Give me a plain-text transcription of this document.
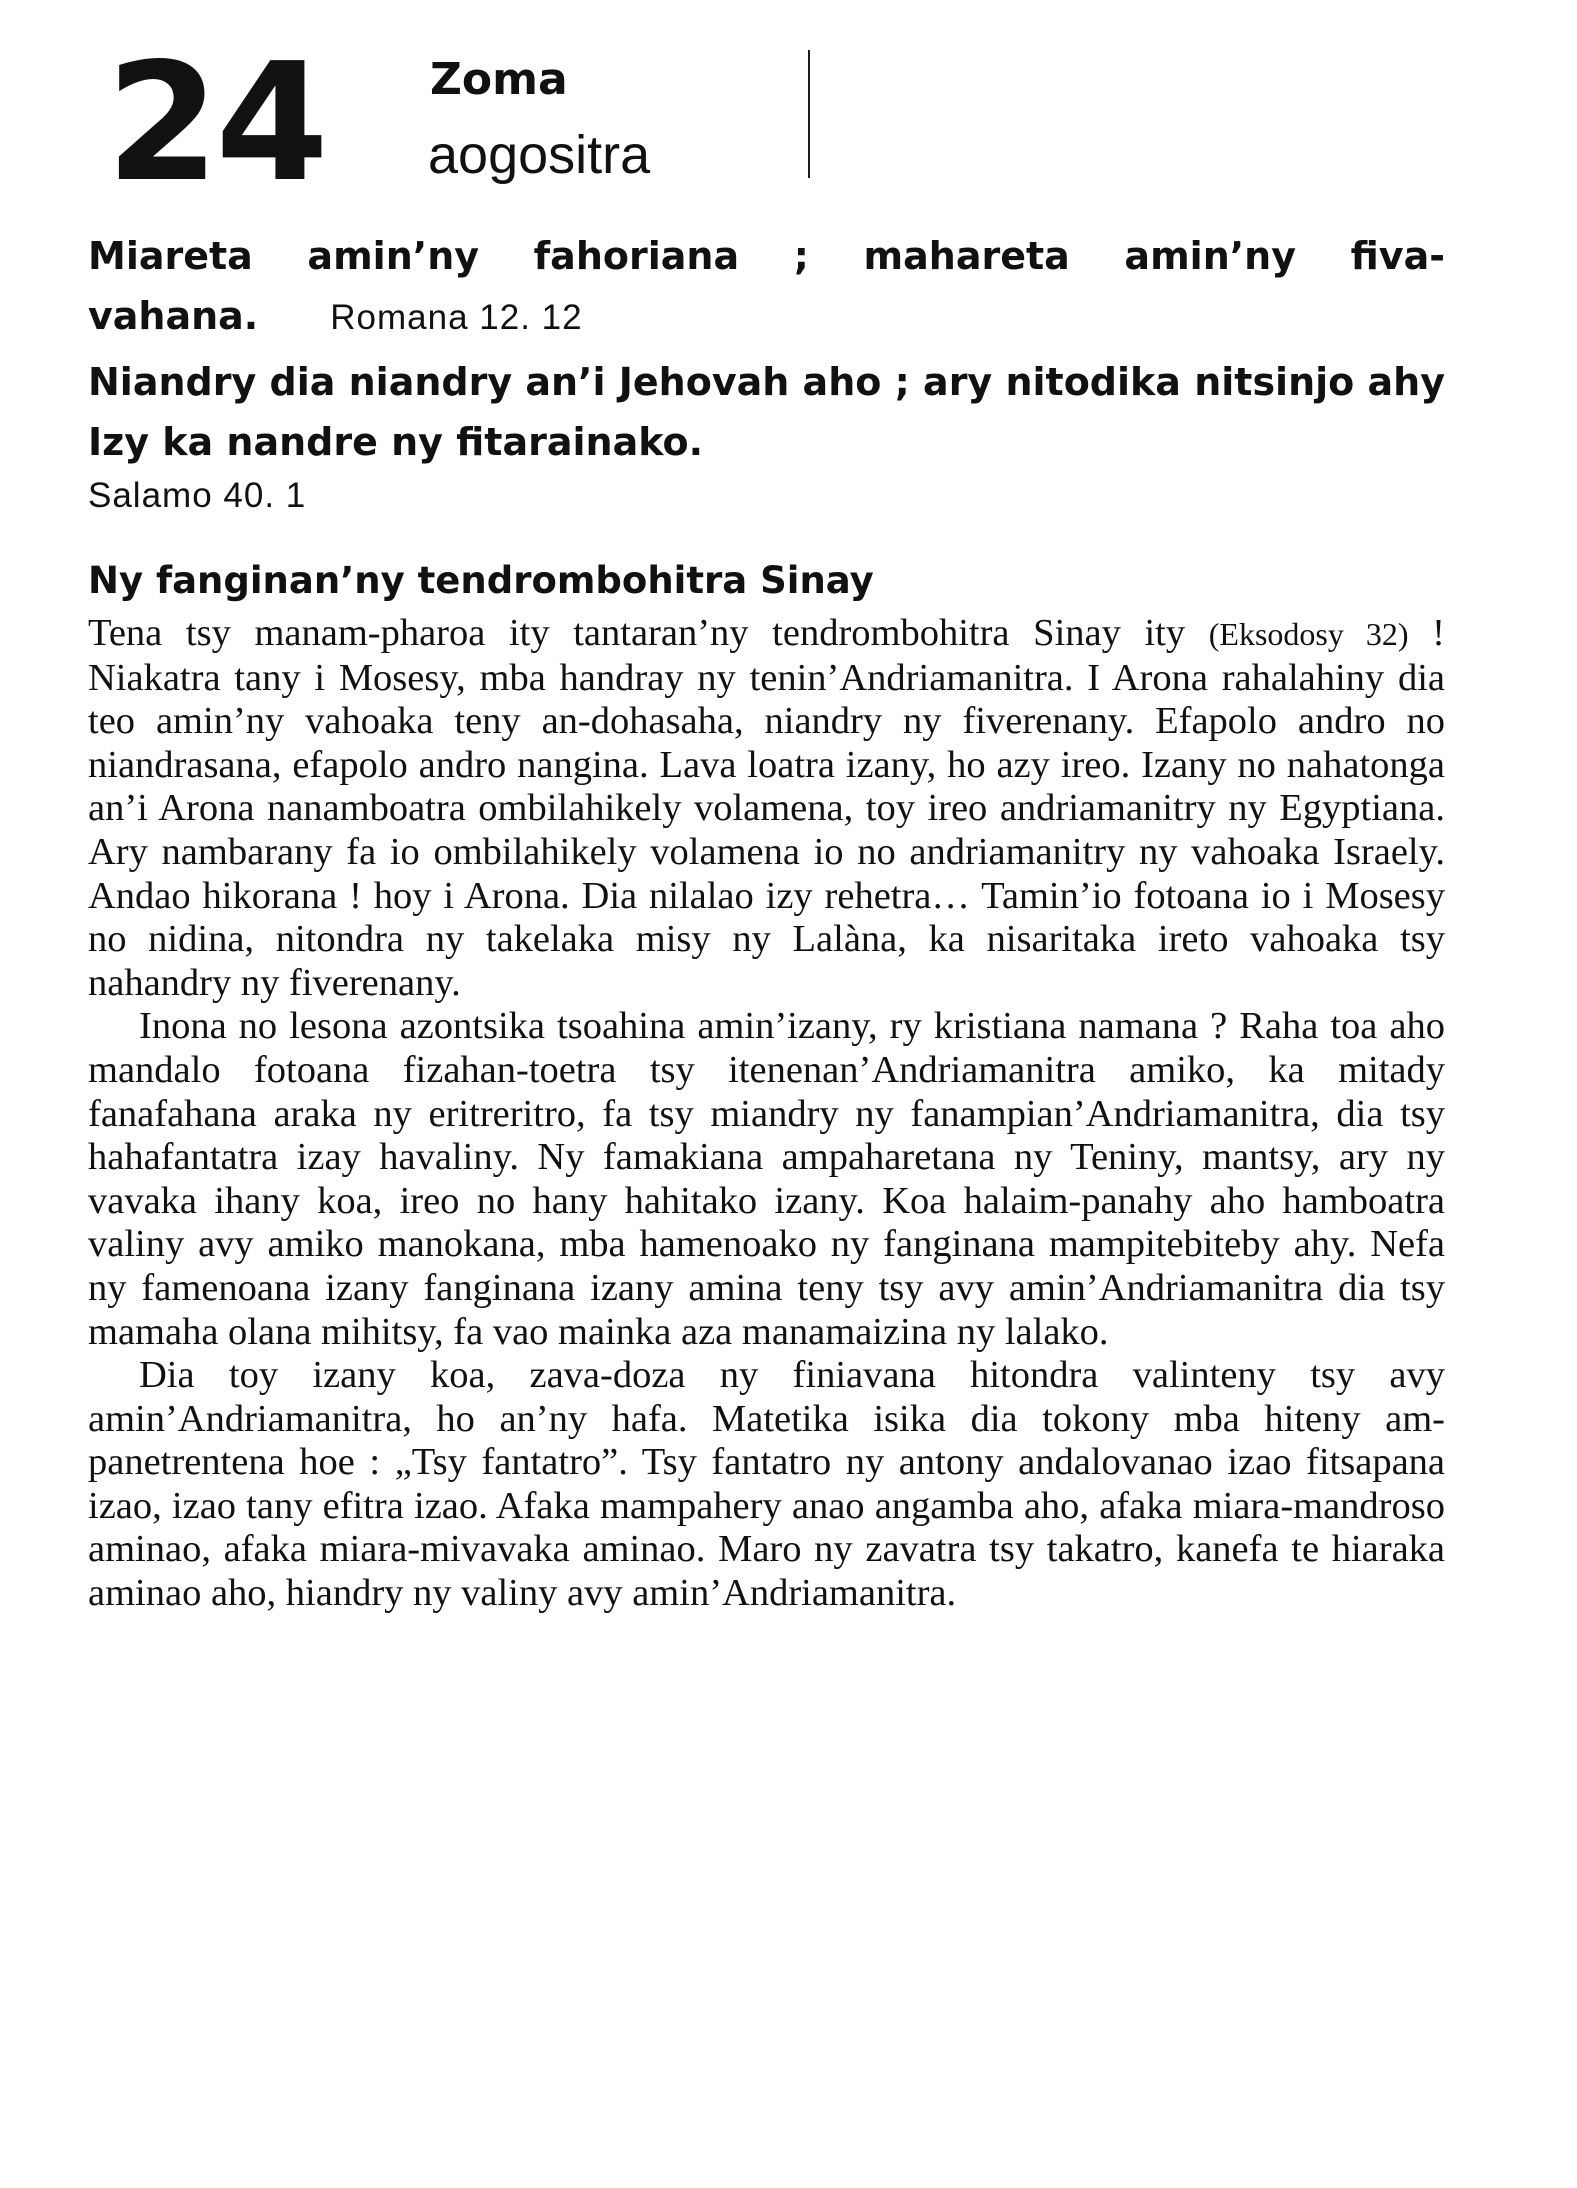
24 Zoma
aogositra
Miareta amin’ny fahoriana ; mahareta amin’ny fivavahana. Romana 12. 12
Niandry dia niandry an’i Jehovah aho ; ary nitodika nitsinjo ahy Izy ka nandre ny fitarainako.
Salamo 40. 1
Ny fanginan’ny tendrombohitra Sinay

Tena tsy manam-pharoa ity tantaran’ny tendrombohitra Sinay ity (Eksodosy 32) ! Niakatra tany i Mosesy, mba handray ny tenin’Andriamanitra. I Arona rahalahiny dia teo amin’ny vahoaka teny an-dohasaha, niandry ny fiverenany. Efapolo andro no niandrasana, efapolo andro nangina. Lava loatra izany, ho azy ireo. Izany no nahatonga an’i Arona nanamboatra ombilahikely volamena, toy ireo andriamanitry ny Egyptiana. Ary nambarany fa io ombilahikely volamena io no andriamanitry ny vahoaka Israely. Andao hikorana ! hoy i Arona. Dia nilalao izy rehetra… Tamin’io fotoana io i Mosesy no nidina, nitondra ny takelaka misy ny Lalàna, ka nisaritaka ireto vahoaka tsy nahandry ny fiverenany.

Inona no lesona azontsika tsoahina amin’izany, ry kristiana namana ? Raha toa aho mandalo fotoana fizahan-toetra tsy itenenan’Andriamanitra amiko, ka mitady fanafahana araka ny eritreritro, fa tsy miandry ny fanampian’Andriamanitra, dia tsy hahafantatra izay havaliny. Ny famakiana ampaharetana ny Teniny, mantsy, ary ny vavaka ihany koa, ireo no hany hahitako izany. Koa halaim-panahy aho hamboatra valiny avy amiko manokana, mba hamenoako ny fanginana mampitebiteby ahy. Nefa ny famenoana izany fanginana izany amina teny tsy avy amin’Andriamanitra dia tsy mamaha olana mihitsy, fa vao mainka aza manamaizina ny lalako.

Dia toy izany koa, zava-doza ny finiavana hitondra valinteny tsy avy amin’Andriamanitra, ho an’ny hafa. Matetika isika dia tokony mba hiteny am-panetrentena hoe : „Tsy fantatro”. Tsy fantatro ny antony andalovanao izao fitsapana izao, izao tany efitra izao. Afaka mampahery anao angamba aho, afaka miara-mandroso aminao, afaka miara-mivavaka aminao. Maro ny zavatra tsy takatro, kanefa te hiaraka aminao aho, hiandry ny valiny avy amin’Andriamanitra.
